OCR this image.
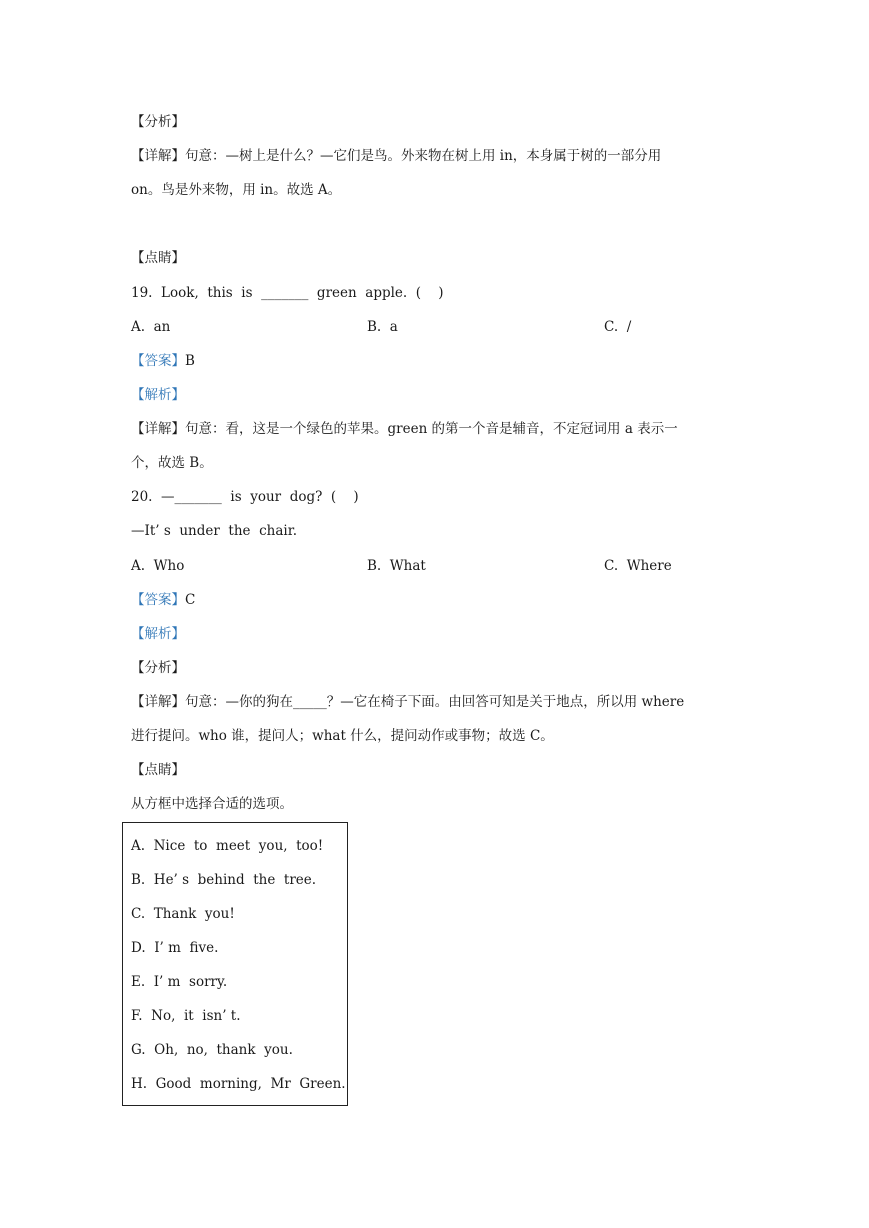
【分析】
【详解】句意：—树上是什么？—它们是鸟。外来物在树上用 in，本身属于树的一部分用
on。鸟是外来物，用 in。故选 A。
【点睛】
19.  Look,  this  is  _______  green  apple.  (    )
A.  an	B.  a	C.  /
【答案】B
【解析】
【详解】句意：看，这是一个绿色的苹果。green 的第一个音是辅音，不定冠词用 a 表示一
个，故选 B。
20.  —_______  is  your  dog?  (    )
—It’ s  under  the  chair.
A.  Who	B.  What	C.  Where
【答案】C
【解析】
【分析】
【详解】句意：—你的狗在_____？—它在椅子下面。由回答可知是关于地点，所以用 where
进行提问。who 谁，提问人；what 什么，提问动作或事物；故选 C。
【点睛】
从方框中选择合适的选项。
A.  Nice  to  meet  you,  too!
B.  He’ s  behind  the  tree.
C.  Thank  you!
D.  I’ m  five.
E.  I’ m  sorry.
F.  No,  it  isn’ t.
G.  Oh,  no,  thank  you.
H.  Good  morning,  Mr  Green.
